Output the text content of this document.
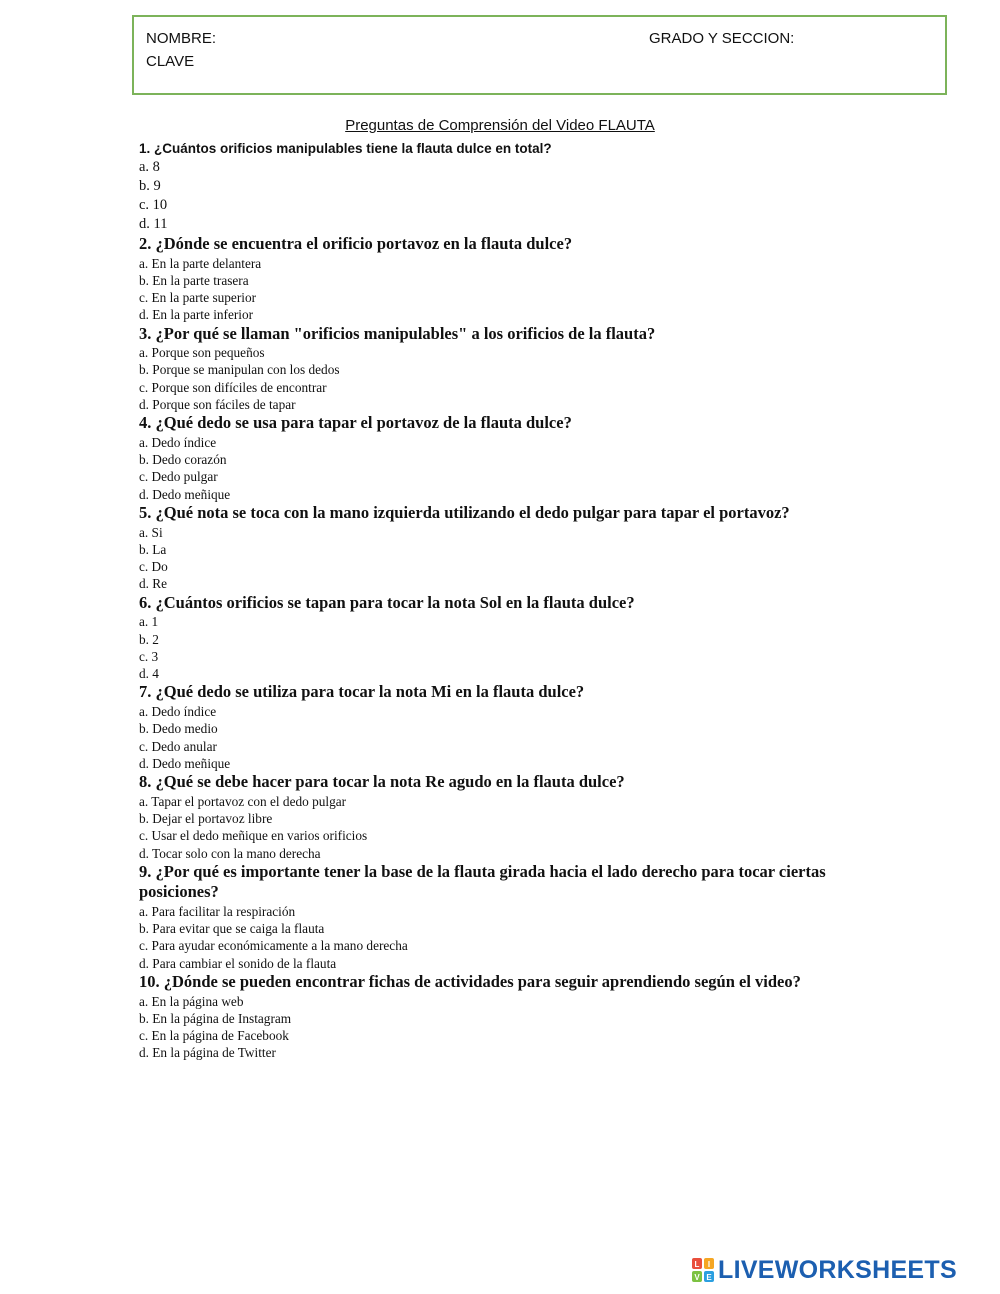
NOMBRE:	GRADO Y SECCION:
CLAVE
Preguntas de Comprensión del Video FLAUTA

1. ¿Cuántos orificios manipulables tiene la flauta dulce en total?

a. 8

b. 9

c. 10

d. 11

2. ¿Dónde se encuentra el orificio portavoz en la flauta dulce?

a. En la parte delantera

b. En la parte trasera

c. En la parte superior

d. En la parte inferior

3. ¿Por qué se llaman "orificios manipulables" a los orificios de la flauta?

a. Porque son pequeños

b. Porque se manipulan con los dedos

c. Porque son difíciles de encontrar

d. Porque son fáciles de tapar

4. ¿Qué dedo se usa para tapar el portavoz de la flauta dulce?

a. Dedo índice

b. Dedo corazón

c. Dedo pulgar

d. Dedo meñique

5. ¿Qué nota se toca con la mano izquierda utilizando el dedo pulgar para tapar el portavoz?

a. Si

b. La

c. Do

d. Re

6. ¿Cuántos orificios se tapan para tocar la nota Sol en la flauta dulce?

a. 1

b. 2

c. 3

d. 4

7. ¿Qué dedo se utiliza para tocar la nota Mi en la flauta dulce?

a. Dedo índice

b. Dedo medio

c. Dedo anular

d. Dedo meñique

8. ¿Qué se debe hacer para tocar la nota Re agudo en la flauta dulce?

a. Tapar el portavoz con el dedo pulgar

b. Dejar el portavoz libre

c. Usar el dedo meñique en varios orificios

d. Tocar solo con la mano derecha

9. ¿Por qué es importante tener la base de la flauta girada hacia el lado derecho para tocar ciertas posiciones?

a. Para facilitar la respiración

b. Para evitar que se caiga la flauta

c. Para ayudar económicamente a la mano derecha

d. Para cambiar el sonido de la flauta

10. ¿Dónde se pueden encontrar fichas de actividades para seguir aprendiendo según el video?

a. En la página web

b. En la página de Instagram

c. En la página de Facebook

d. En la página de Twitter

L I
V E LIVEWORKSHEETS
